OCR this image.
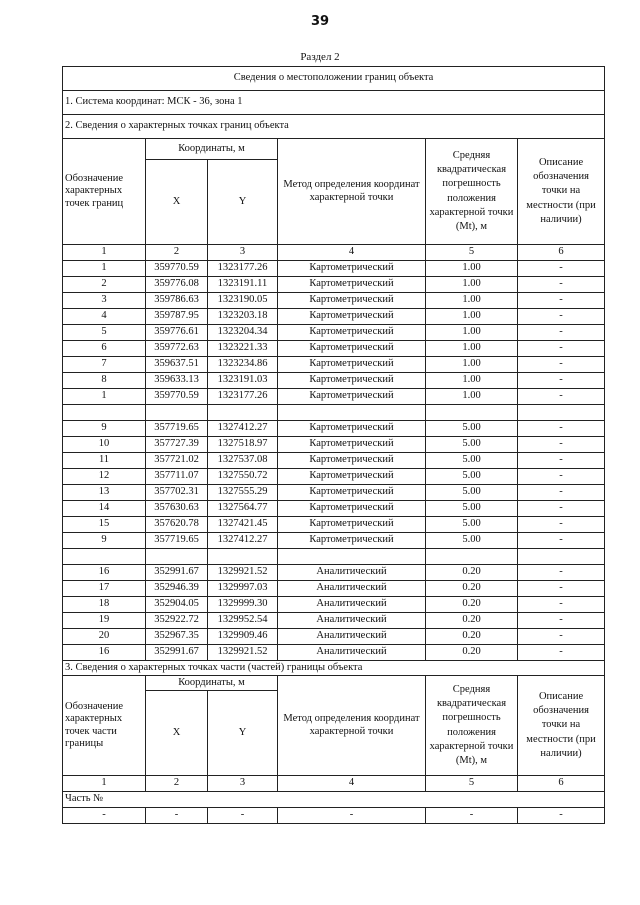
39
Раздел 2
Сведения о местоположении границ объекта					
1. Система координат: МСК - 36, зона 1					
2. Сведения о характерных точках границ объекта					
Обозначение характерных точек границ	Координаты, м		Метод определения координат характерной точки	Средняя квадратическая погрешность положения характерной точки (Mt), м	Описание обозначения точки на местности (при наличии)
	X	Y			
1	2	3	4	5	6
1	359770.59	1323177.26	Картометрический	1.00	-
2	359776.08	1323191.11	Картометрический	1.00	-
3	359786.63	1323190.05	Картометрический	1.00	-
4	359787.95	1323203.18	Картометрический	1.00	-
5	359776.61	1323204.34	Картометрический	1.00	-
6	359772.63	1323221.33	Картометрический	1.00	-
7	359637.51	1323234.86	Картометрический	1.00	-
8	359633.13	1323191.03	Картометрический	1.00	-
1	359770.59	1323177.26	Картометрический	1.00	-

9	357719.65	1327412.27	Картометрический	5.00	-
10	357727.39	1327518.97	Картометрический	5.00	-
11	357721.02	1327537.08	Картометрический	5.00	-
12	357711.07	1327550.72	Картометрический	5.00	-
13	357702.31	1327555.29	Картометрический	5.00	-
14	357630.63	1327564.77	Картометрический	5.00	-
15	357620.78	1327421.45	Картометрический	5.00	-
9	357719.65	1327412.27	Картометрический	5.00	-

16	352991.67	1329921.52	Аналитический	0.20	-
17	352946.39	1329997.03	Аналитический	0.20	-
18	352904.05	1329999.30	Аналитический	0.20	-
19	352922.72	1329952.54	Аналитический	0.20	-
20	352967.35	1329909.46	Аналитический	0.20	-
16	352991.67	1329921.52	Аналитический	0.20	-
3. Сведения о характерных точках части (частей) границы объекта					
Обозначение характерных точек части границы	Координаты, м		Метод определения координат характерной точки	Средняя квадратическая погрешность положения характерной точки (Mt), м	Описание обозначения точки на местности (при наличии)
	X	Y			
1	2	3	4	5	6
Часть №					
-	-	-	-	-	-
